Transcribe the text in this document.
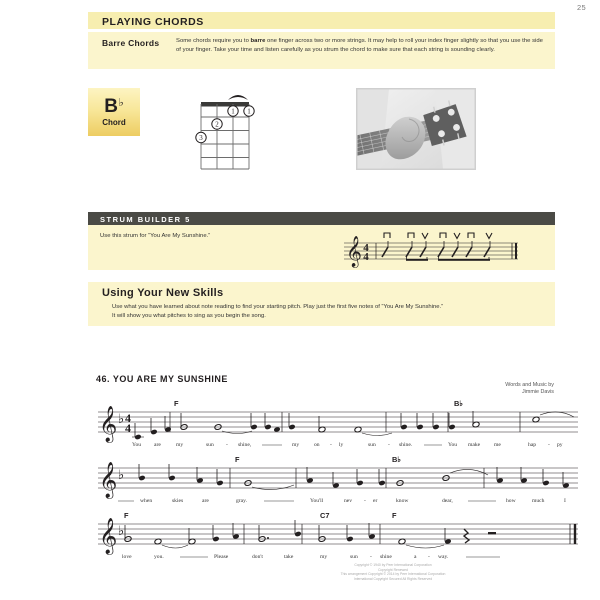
25
PLAYING CHORDS
Barre Chords	Some chords require you to barre one finger across two or more strings. It may help to roll your index finger slightly so that you use the side of your finger. Take your time and listen carefully as you strum the chord to make sure that each string is sounding clearly.
B ♭
Chord
1 1
2
3
STRUM BUILDER 5
Use this strum for “You Are My Sunshine.”	𝄞 4
4
Using Your New Skills
Use what you have learned about note reading to find your starting pitch. Play just the first five notes of “You Are My Sunshine.”
It will show you what pitches to sing as you begin the song.
46. YOU ARE MY SUNSHINE
Words and Music by
Jimmie Davis
𝄞 ♭ 4
4
F	B♭
You are	my	sun - shine,	my	on - ly	sun - shine.	You make me	hap - py
𝄞 ♭
F	B♭
when	skies	are	gray.	You'll	nev - er	know	dear,	how	much	I
𝄞 ♭
F	C7	F
love	you.	Please	don't	take	my	sun - shine	a - way.
Copyright © 1940 by Peer International Corporation
Copyright Renewed
This arrangement Copyright © 2014 by Peer International Corporation
International Copyright Secured All Rights Reserved
